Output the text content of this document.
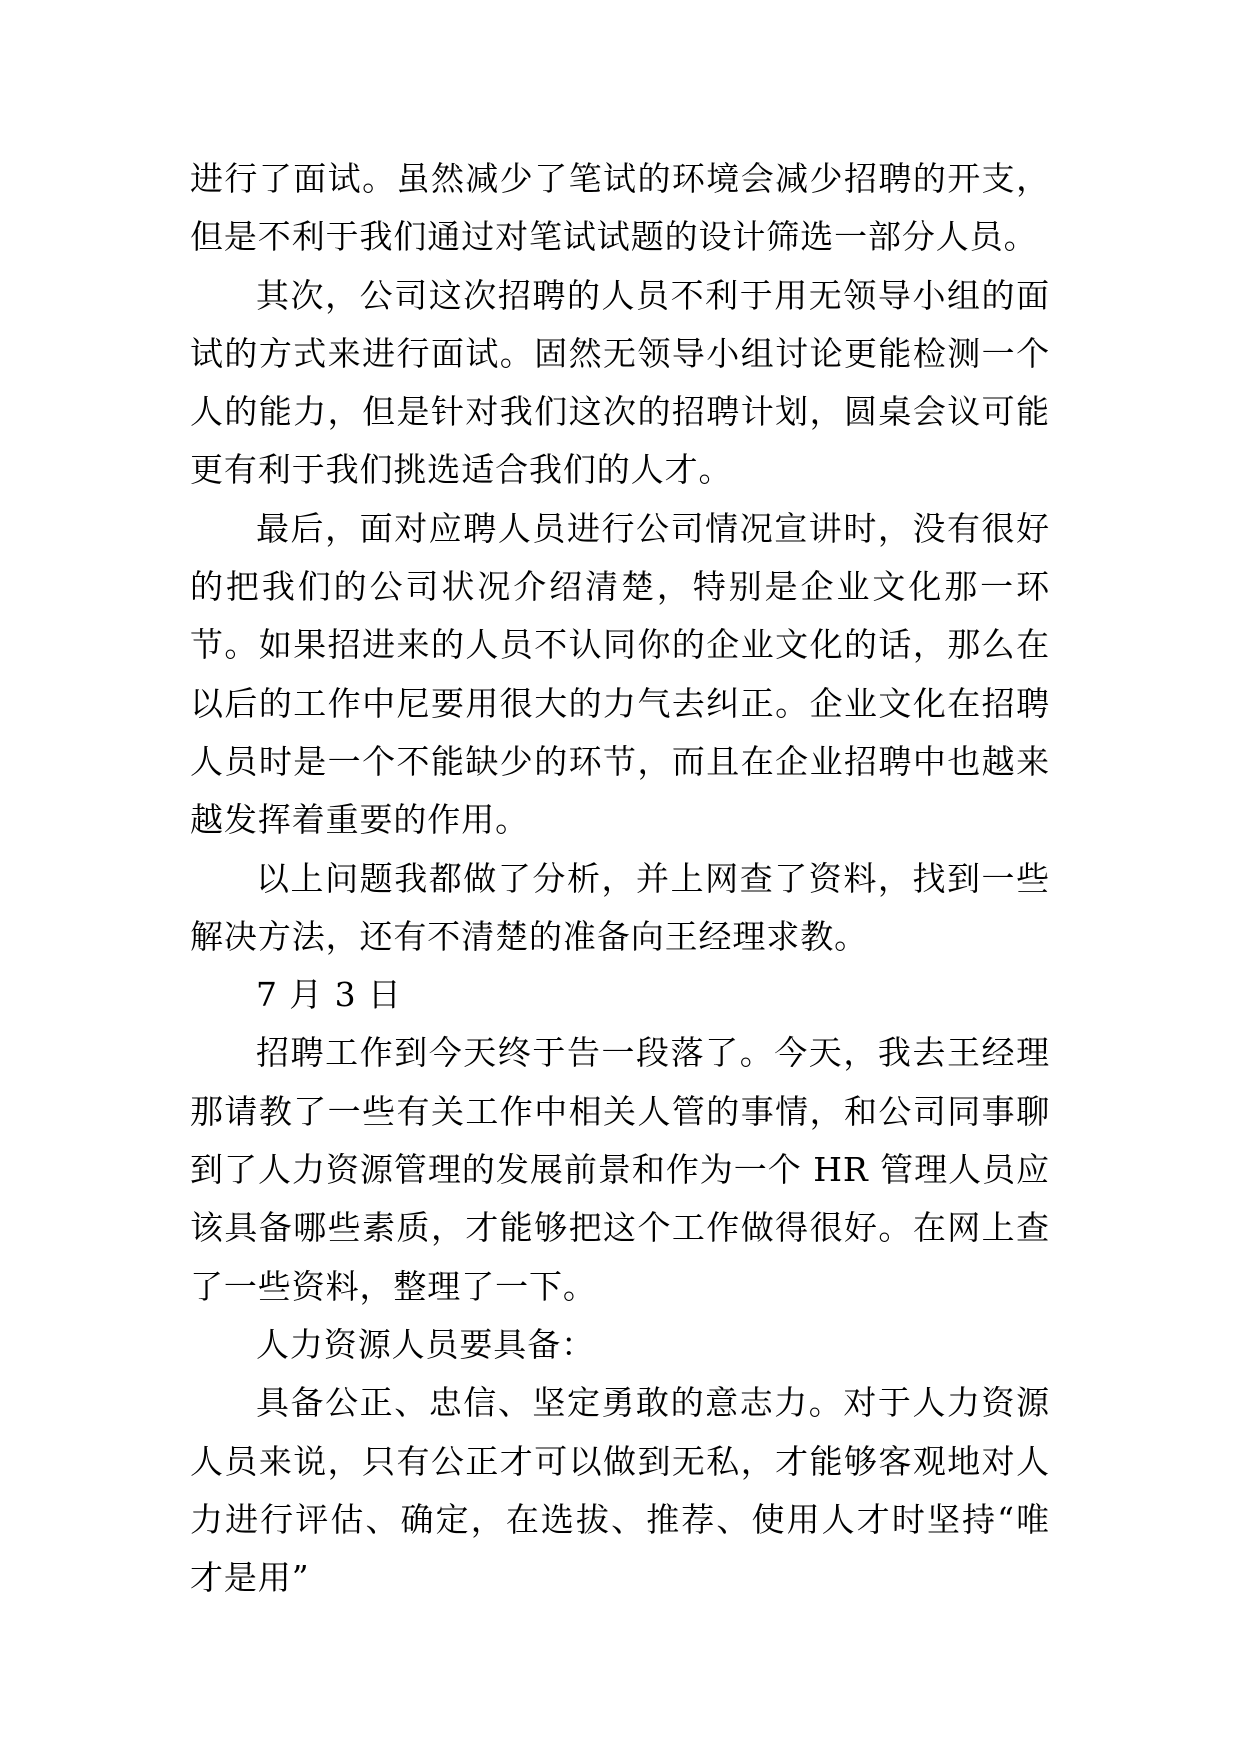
进行了面试。虽然减少了笔试的环境会减少招聘的开支，但是不利于我们通过对笔试试题的设计筛选一部分人员。

其次，公司这次招聘的人员不利于用无领导小组的面试的方式来进行面试。固然无领导小组讨论更能检测一个人的能力，但是针对我们这次的招聘计划，圆桌会议可能更有利于我们挑选适合我们的人才。

最后，面对应聘人员进行公司情况宣讲时，没有很好的把我们的公司状况介绍清楚，特别是企业文化那一环节。如果招进来的人员不认同你的企业文化的话，那么在以后的工作中尼要用很大的力气去纠正。企业文化在招聘人员时是一个不能缺少的环节，而且在企业招聘中也越来越发挥着重要的作用。

以上问题我都做了分析，并上网查了资料，找到一些解决方法，还有不清楚的准备向王经理求教。

7 月 3 日

招聘工作到今天终于告一段落了。今天，我去王经理那请教了一些有关工作中相关人管的事情，和公司同事聊到了人力资源管理的发展前景和作为一个 HR 管理人员应该具备哪些素质，才能够把这个工作做得很好。在网上查了一些资料，整理了一下。

人力资源人员要具备：

具备公正、忠信、坚定勇敢的意志力。对于人力资源人员来说，只有公正才可以做到无私，才能够客观地对人力进行评估、确定，在选拔、推荐、使用人才时坚持“唯才是用”
